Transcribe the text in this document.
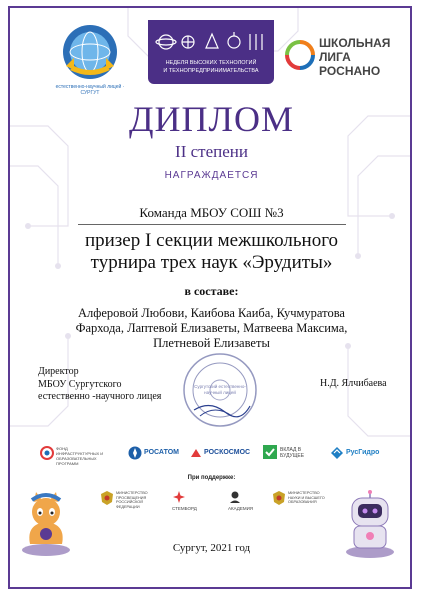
естественно-научный лицей · СУРГУТ
НЕДЕЛЯ ВЫСОКИХ ТЕХНОЛОГИЙ
И ТЕХНОПРЕДПРИНИМАТЕЛЬСТВА
ШКОЛЬНАЯ
ЛИГА
РОСНАНО
ДИПЛОМ
II степени
НАГРАЖДАЕТСЯ
Команда МБОУ СОШ №3
призер I секции межшкольного
турнира трех наук «Эрудиты»
в составе:
Алферовой Любови, Каибова Каиба, Кучмуратова
Фархода, Лаптевой Елизаветы, Матвеева Максима,
Плетневой Елизаветы
Директор
МБОУ Сургутского
естественно -научного лицея
Сургутский естественно-научный лицей
Н.Д. Ялчибаева
ФОНД ИНФРАСТРУКТУРНЫХ И ОБРАЗОВАТЕЛЬНЫХ ПРОГРАММ
РОСАТОМ	РОСКОСМОС	ВКЛАД В БУДУЩЕЕ	РусГидро
При поддержке:
МИНИСТЕРСТВО ПРОСВЕЩЕНИЯ РОССИЙСКОЙ ФЕДЕРАЦИИ	СТЕМБОРД	АКАДЕМИЯ
МИНИСТЕРСТВО НАУКИ И ВЫСШЕГО ОБРАЗОВАНИЯ
Сургут, 2021 год
